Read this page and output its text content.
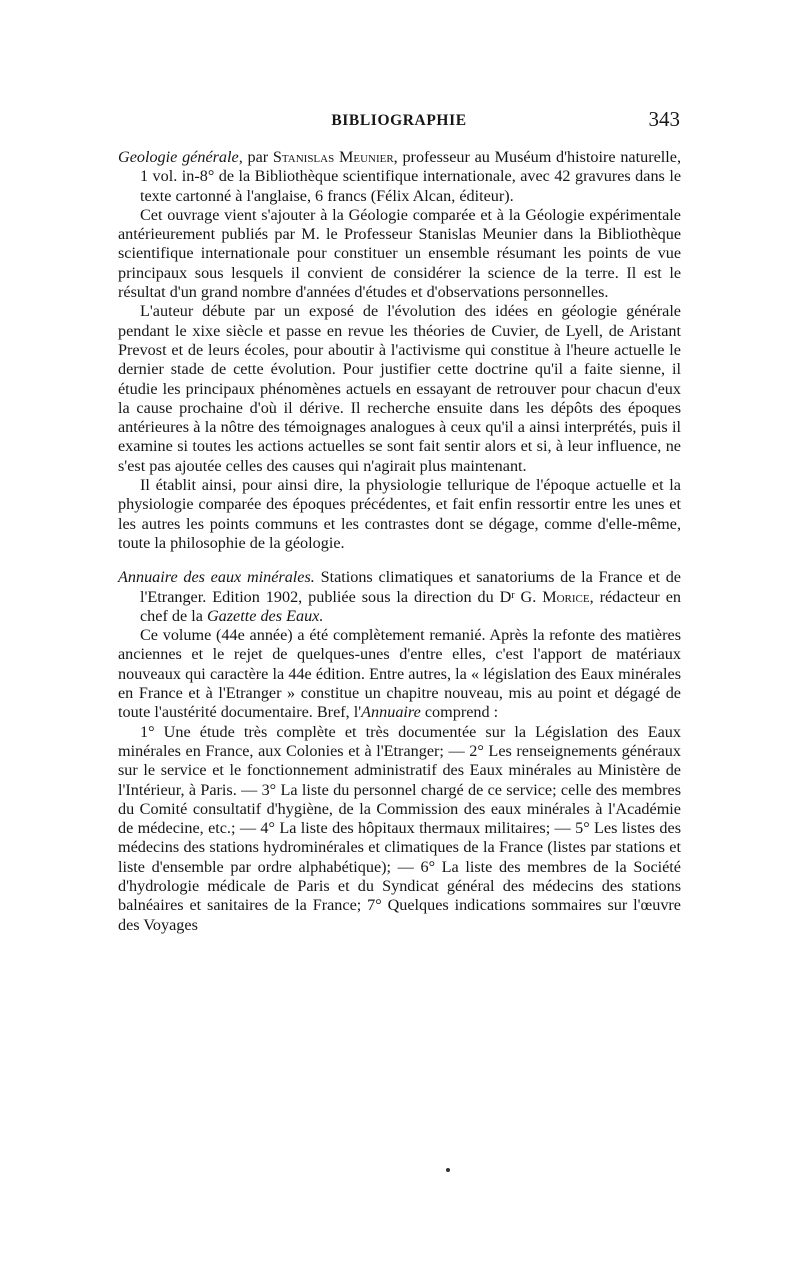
BIBLIOGRAPHIE	343

Geologie générale, par Stanislas Meunier, professeur au Muséum d'histoire naturelle, 1 vol. in-8° de la Bibliothèque scientifique internationale, avec 42 gravures dans le texte cartonné à l'anglaise, 6 francs (Félix Alcan, éditeur).

Cet ouvrage vient s'ajouter à la Géologie comparée et à la Géologie expérimentale antérieurement publiés par M. le Professeur Stanislas Meunier dans la Bibliothèque scientifique internationale pour constituer un ensemble résumant les points de vue principaux sous lesquels il convient de considérer la science de la terre. Il est le résultat d'un grand nombre d'années d'études et d'observations personnelles.

L'auteur débute par un exposé de l'évolution des idées en géologie générale pendant le xixe siècle et passe en revue les théories de Cuvier, de Lyell, de Aristant Prevost et de leurs écoles, pour aboutir à l'activisme qui constitue à l'heure actuelle le dernier stade de cette évolution. Pour justifier cette doctrine qu'il a faite sienne, il étudie les principaux phénomènes actuels en essayant de retrouver pour chacun d'eux la cause prochaine d'où il dérive. Il recherche ensuite dans les dépôts des époques antérieures à la nôtre des témoignages analogues à ceux qu'il a ainsi interprétés, puis il examine si toutes les actions actuelles se sont fait sentir alors et si, à leur influence, ne s'est pas ajoutée celles des causes qui n'agirait plus maintenant.

Il établit ainsi, pour ainsi dire, la physiologie tellurique de l'époque actuelle et la physiologie comparée des époques précédentes, et fait enfin ressortir entre les unes et les autres les points communs et les contrastes dont se dégage, comme d'elle-même, toute la philosophie de la géologie.

Annuaire des eaux minérales. Stations climatiques et sanatoriums de la France et de l'Etranger. Edition 1902, publiée sous la direction du $D^r$ G. Morice, rédacteur en chef de la Gazette des Eaux.

Ce volume (44e année) a été complètement remanié. Après la refonte des matières anciennes et le rejet de quelques-unes d'entre elles, c'est l'apport de matériaux nouveaux qui caractère la 44e édition. Entre autres, la « législation des Eaux minérales en France et à l'Etranger » constitue un chapitre nouveau, mis au point et dégagé de toute l'austérité documentaire. Bref, l'Annuaire comprend :

1° Une étude très complète et très documentée sur la Législation des Eaux minérales en France, aux Colonies et à l'Etranger; — 2° Les renseignements généraux sur le service et le fonctionnement administratif des Eaux minérales au Ministère de l'Intérieur, à Paris. — 3° La liste du personnel chargé de ce service; celle des membres du Comité consultatif d'hygiène, de la Commission des eaux minérales à l'Académie de médecine, etc.; — 4° La liste des hôpitaux thermaux militaires; — 5° Les listes des médecins des stations hydrominérales et climatiques de la France (listes par stations et liste d'ensemble par ordre alphabétique); — 6° La liste des membres de la Société d'hydrologie médicale de Paris et du Syndicat général des médecins des stations balnéaires et sanitaires de la France; 7° Quelques indications sommaires sur l'œuvre des Voyages
